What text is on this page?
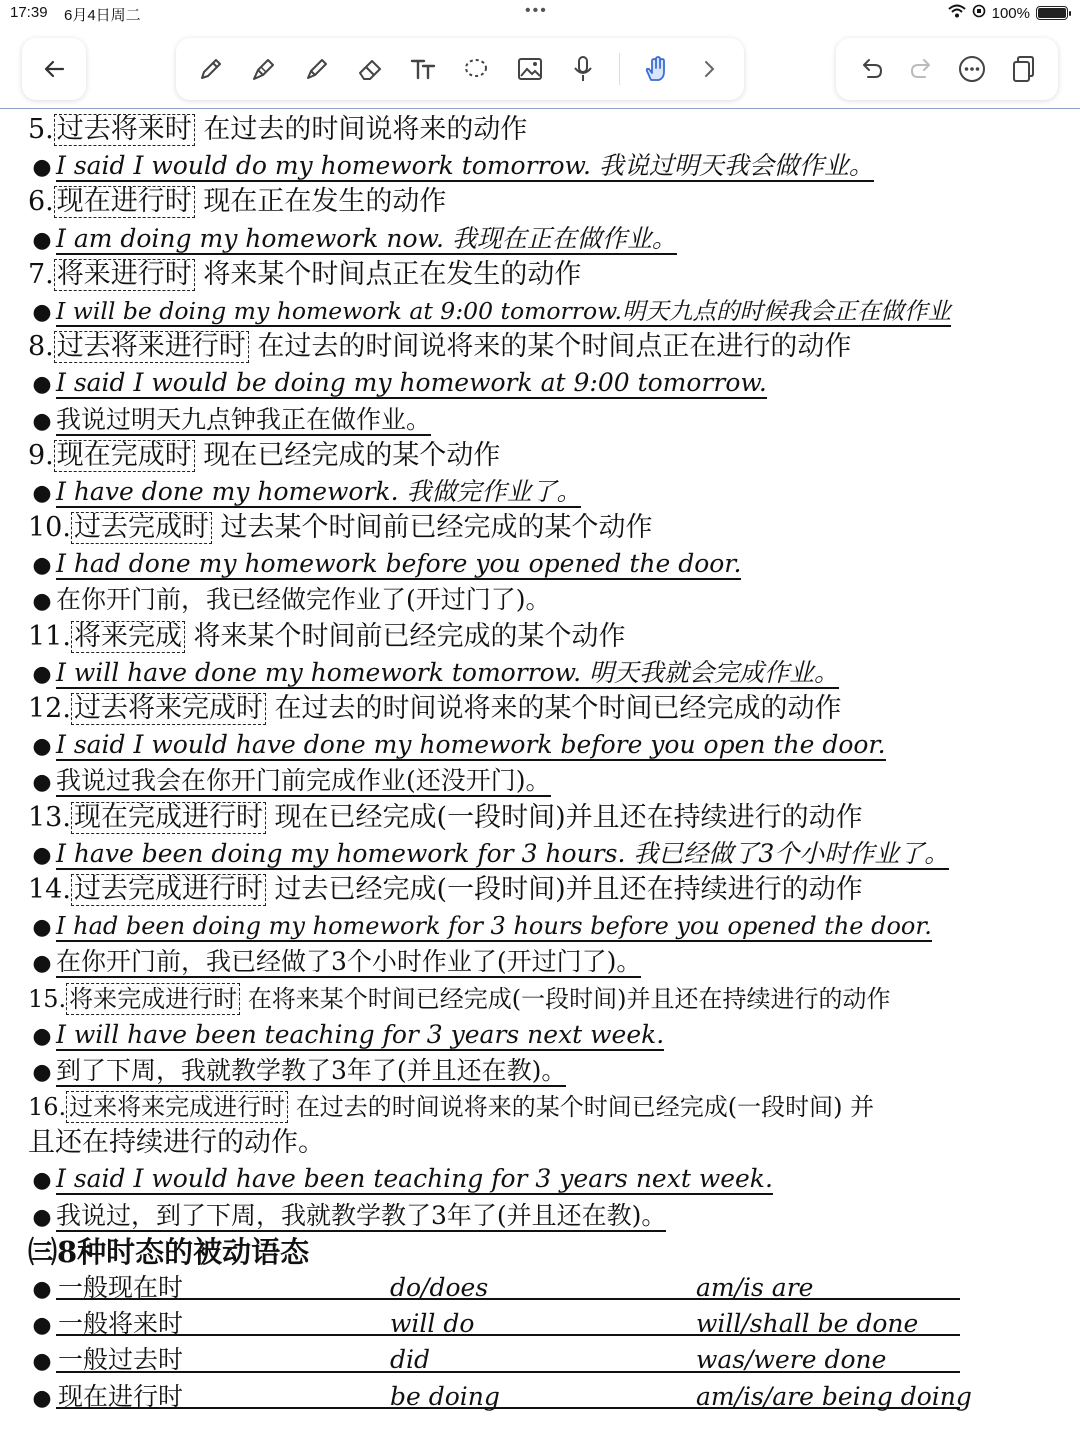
17:39 6月4日周二	•••	100%
5. 过去将来时 在过去的时间说将来的动作
● I said I would do my homework tomorrow. 我说过明天我会做作业。
6. 现在进行时 现在正在发生的动作
● I am doing my homework now. 我现在正在做作业。
7. 将来进行时 将来某个时间点正在发生的动作
● I will be doing my homework at 9:00 tomorrow.明天九点的时候我会正在做作业
8. 过去将来进行时 在过去的时间说将来的某个时间点正在进行的动作
● I said I would be doing my homework at 9:00 tomorrow.
● 我说过明天九点钟我正在做作业。
9. 现在完成时 现在已经完成的某个动作
● I have done my homework. 我做完作业了。
10. 过去完成时 过去某个时间前已经完成的某个动作
● I had done my homework before you opened the door.
● 在你开门前，我已经做完作业了(开过门了)。
11. 将来完成 将来某个时间前已经完成的某个动作
● I will have done my homework tomorrow. 明天我就会完成作业。
12. 过去将来完成时 在过去的时间说将来的某个时间已经完成的动作
● I said I would have done my homework before you open the door.
● 我说过我会在你开门前完成作业(还没开门)。
13. 现在完成进行时 现在已经完成(一段时间)并且还在持续进行的动作
● I have been doing my homework for 3 hours. 我已经做了3个小时作业了。
14. 过去完成进行时 过去已经完成(一段时间)并且还在持续进行的动作
● I had been doing my homework for 3 hours before you opened the door.
● 在你开门前，我已经做了3个小时作业了(开过门了)。
15. 将来完成进行时 在将来某个时间已经完成(一段时间)并且还在持续进行的动作
● I will have been teaching for 3 years next week.
● 到了下周，我就教学教了3年了(并且还在教)。
16. 过来将来完成进行时 在过去的时间说将来的某个时间已经完成(一段时间) 并
且还在持续进行的动作。
● I said I would have been teaching for 3 years next week.
● 我说过，到了下周，我就教学教了3年了(并且还在教)。
㈢8种时态的被动语态
● 一般现在时	do/does	am/is are
● 一般将来时	will do	will/shall be done
● 一般过去时	did	was/were done
● 现在进行时	be doing	am/is/are being doing
